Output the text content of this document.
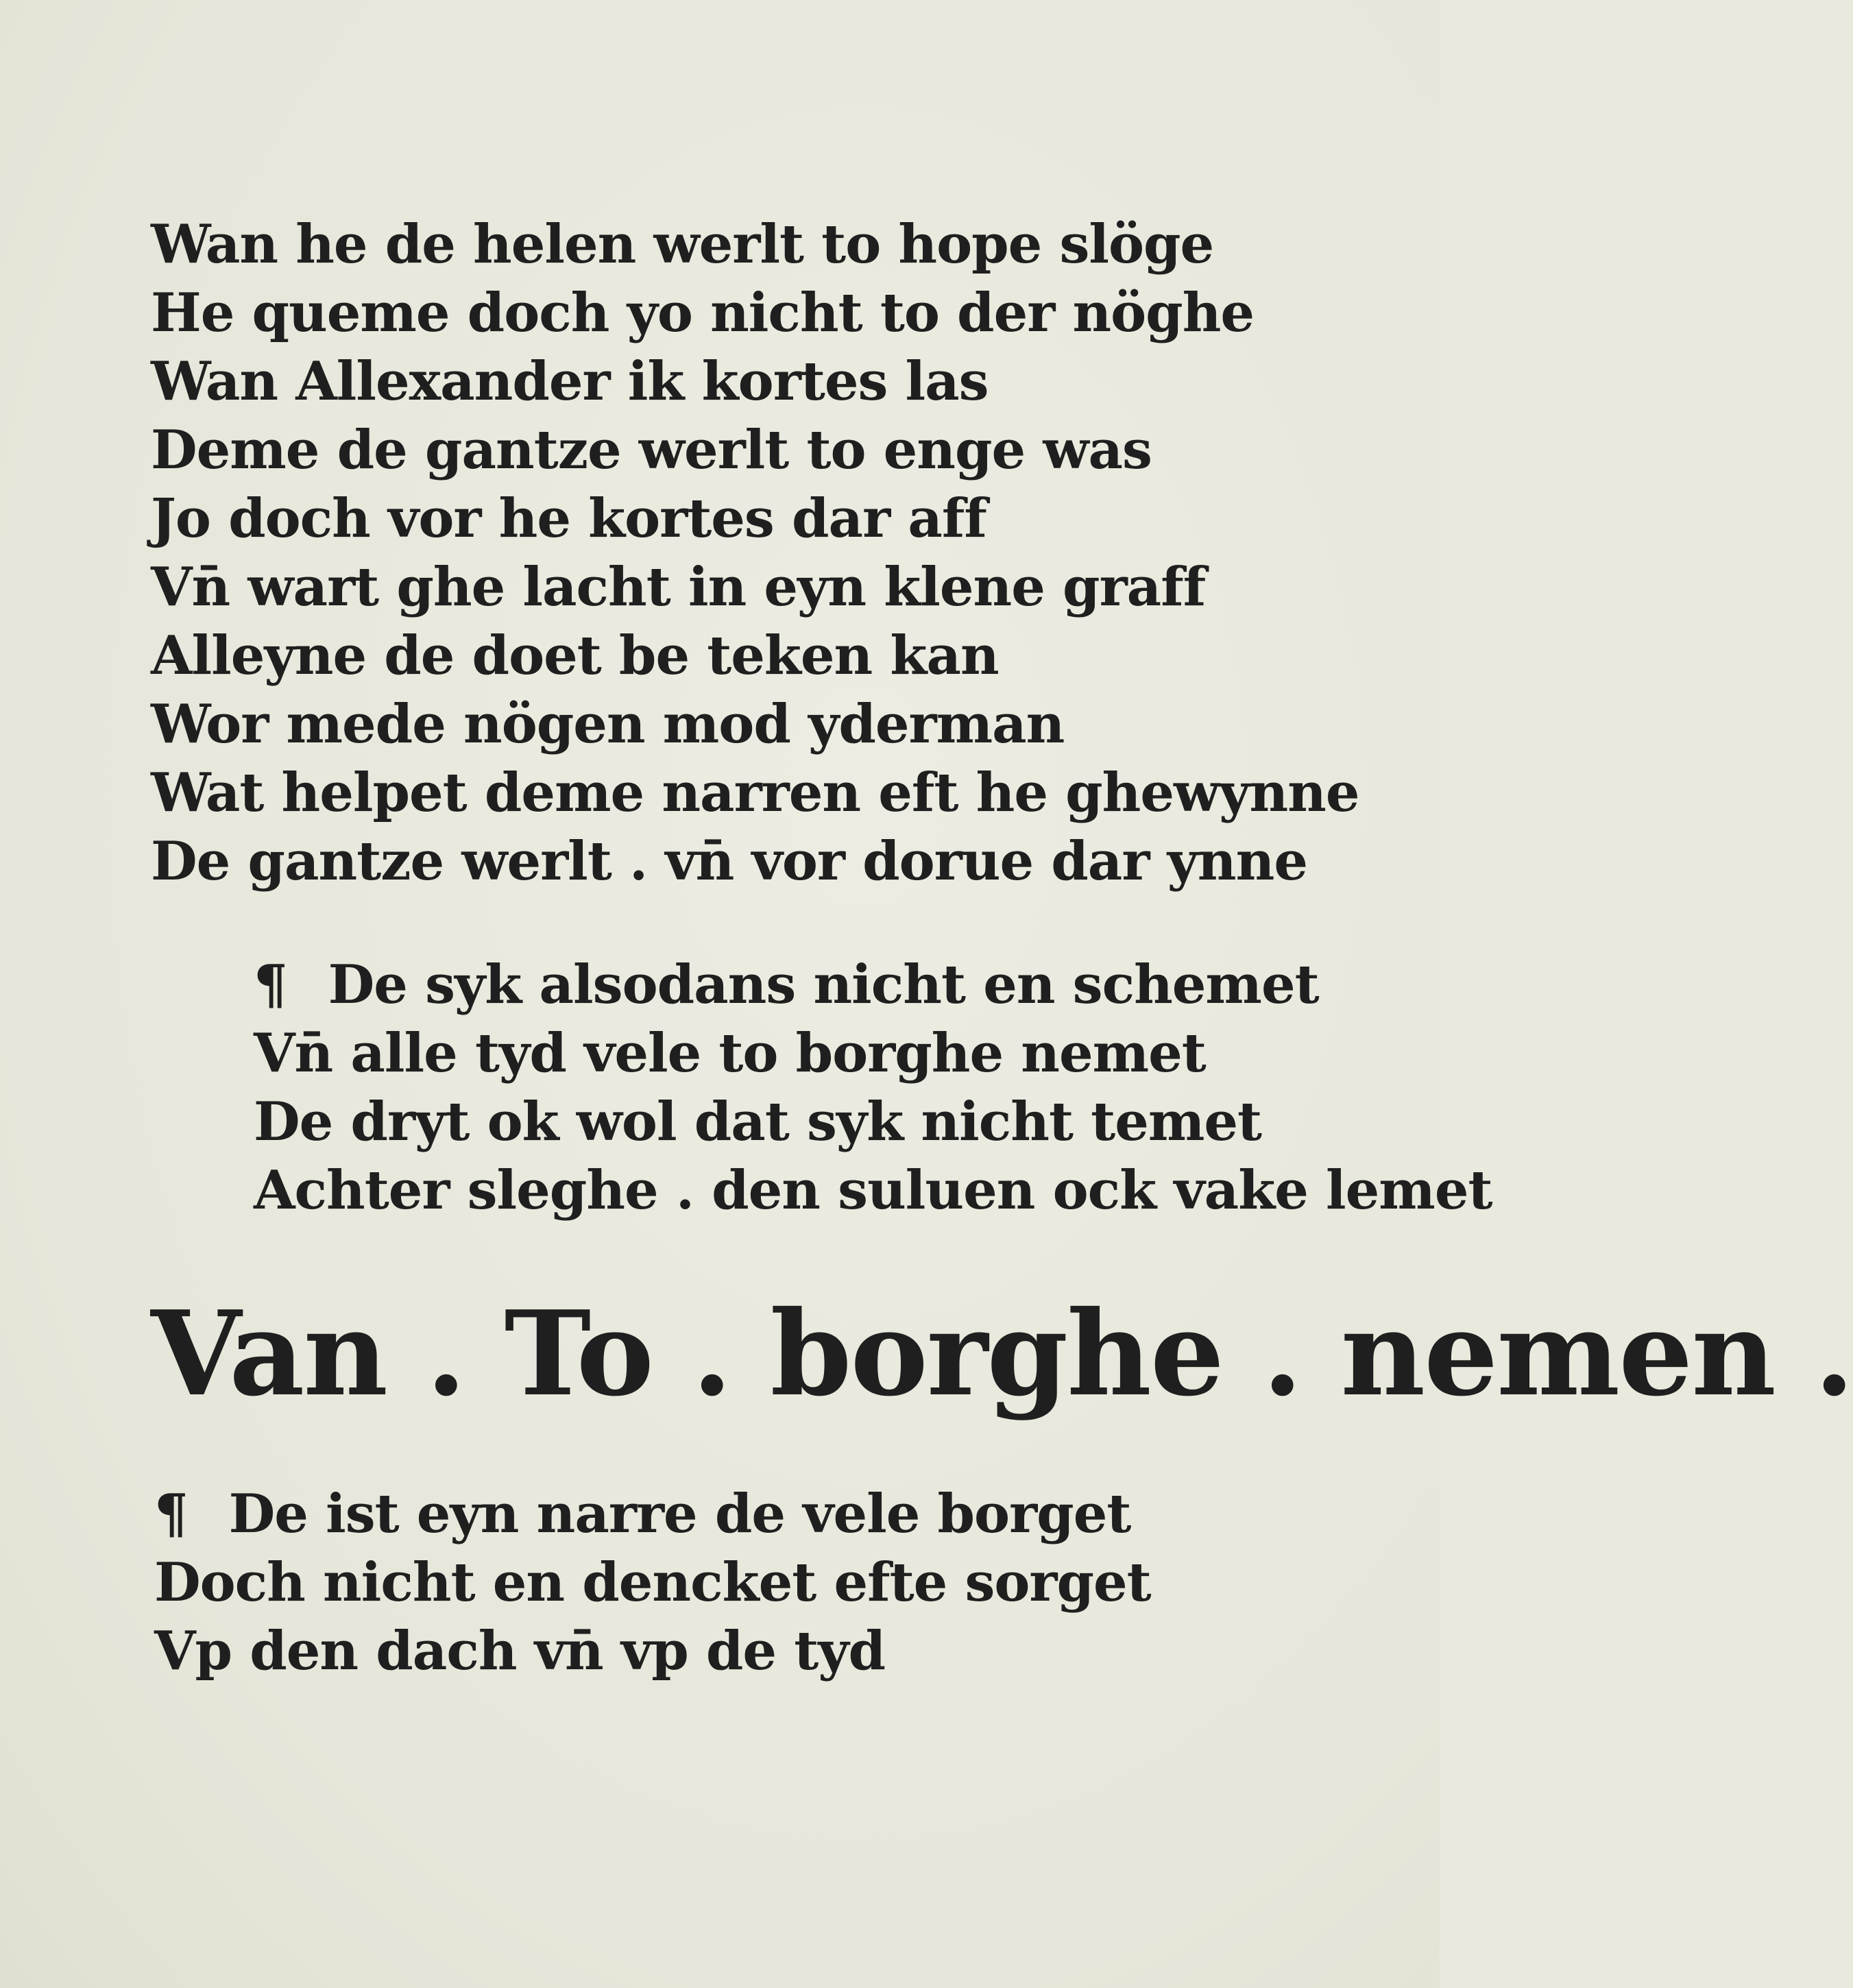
Wan he de helen werlt to hope slöge
He queme doch yo nicht to der nöghe
Wan Allexander ik kortes las
Deme de gantze werlt to enge was
Jo doch vor he kortes dar aff
Vn̄ wart ghe lacht in eyn klene graff
Alleyne de doet be teken kan
Wor mede nögen mod yderman
Wat helpet deme narren eft he ghewynne
De gantze werlt . vn̄ vor dorue dar ynne
¶ De syk alsodans nicht en schemet
Vn̄ alle tyd vele to borghe nemet
De dryt ok wol dat syk nicht temet
Achter sleghe . den suluen ock vake lemet
Van . To . borghe . nemen .
¶ De ist eyn narre de vele borget
Doch nicht en dencket efte sorget
Vp den dach vn̄ vp de tyd
